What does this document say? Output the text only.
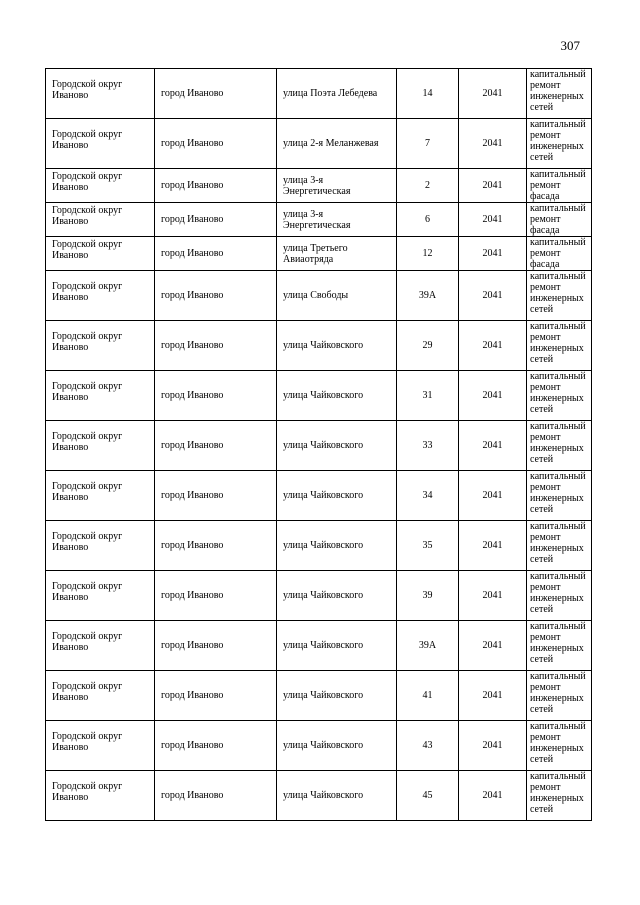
307
Городской округ Иваново	город Иваново	улица Поэта Лебедева	14	2041	капитальный ремонт инженерных сетей

Городской округ Иваново	город Иваново	улица 2-я Меланжевая	7	2041	капитальный ремонт инженерных сетей

Городской округ Иваново	город Иваново	улица 3-я Энергетическая	2	2041	капитальный ремонт фасада

Городской округ Иваново	город Иваново	улица 3-я Энергетическая	6	2041	капитальный ремонт фасада

Городской округ Иваново	город Иваново	улица Третьего Авиаотряда	12	2041	капитальный ремонт фасада

Городской округ Иваново	город Иваново	улица Свободы	39А	2041	капитальный ремонт инженерных сетей

Городской округ Иваново	город Иваново	улица Чайковского	29	2041	капитальный ремонт инженерных сетей

Городской округ Иваново	город Иваново	улица Чайковского	31	2041	капитальный ремонт инженерных сетей

Городской округ Иваново	город Иваново	улица Чайковского	33	2041	капитальный ремонт инженерных сетей

Городской округ Иваново	город Иваново	улица Чайковского	34	2041	капитальный ремонт инженерных сетей

Городской округ Иваново	город Иваново	улица Чайковского	35	2041	капитальный ремонт инженерных сетей

Городской округ Иваново	город Иваново	улица Чайковского	39	2041	капитальный ремонт инженерных сетей

Городской округ Иваново	город Иваново	улица Чайковского	39А	2041	капитальный ремонт инженерных сетей

Городской округ Иваново	город Иваново	улица Чайковского	41	2041	капитальный ремонт инженерных сетей

Городской округ Иваново	город Иваново	улица Чайковского	43	2041	капитальный ремонт инженерных сетей

Городской округ Иваново	город Иваново	улица Чайковского	45	2041	капитальный ремонт инженерных сетей
